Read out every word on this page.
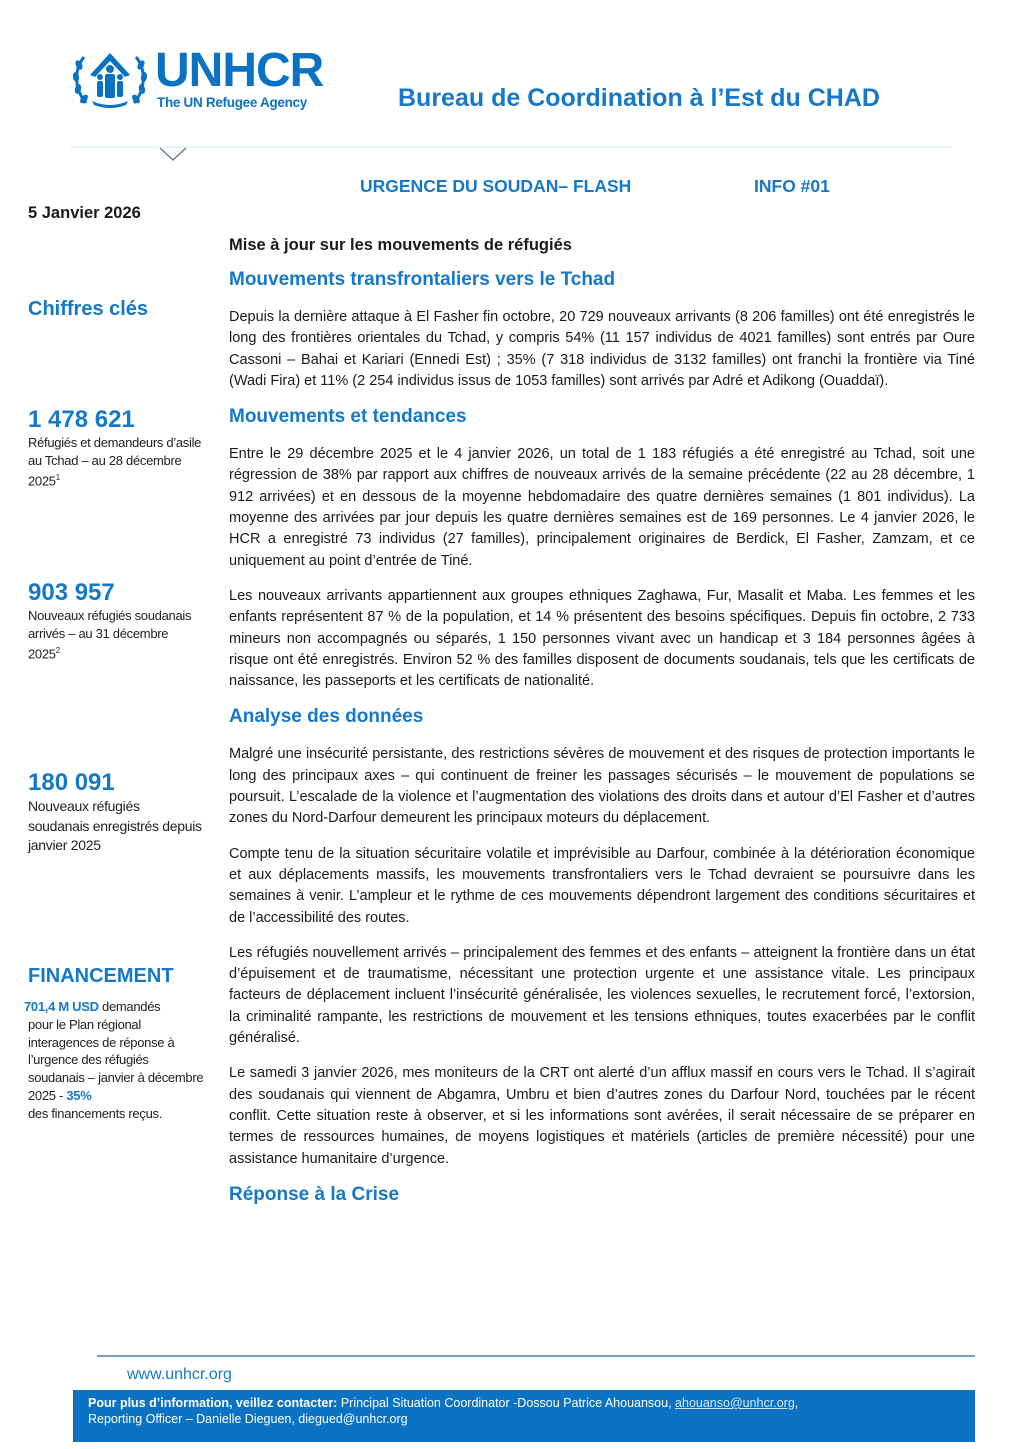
UNHCR
The UN Refugee Agency	Bureau de Coordination à l’Est du CHAD
URGENCE DU SOUDAN– FLASH	INFO #01
5 Janvier 2026
Chiffres clés
1 478 621
Réfugiés et demandeurs d’asile au Tchad – au 28 décembre 2025$^1$
903 957
Nouveaux réfugiés soudanais arrivés – au 31 décembre 2025$^2$
180 091
Nouveaux réfugiés soudanais enregistrés depuis janvier 2025
FINANCEMENT
701,4 M USD demandés
pour le Plan régional interagences de réponse à l’urgence des réfugiés soudanais – janvier à décembre 2025 - 35%
des financements reçus.
Mise à jour sur les mouvements de réfugiés
Mouvements transfrontaliers vers le Tchad

Depuis la dernière attaque à El Fasher fin octobre, 20 729 nouveaux arrivants (8 206 familles) ont été enregistrés le long des frontières orientales du Tchad, y compris 54% (11 157 individus de 4021 familles) sont entrés par Oure Cassoni – Bahai et Kariari (Ennedi Est) ; 35% (7 318 individus de 3132 familles) ont franchi la frontière via Tiné (Wadi Fira) et 11% (2 254 individus issus de 1053 familles) sont arrivés par Adré et Adikong (Ouaddaï).

Mouvements et tendances

Entre le 29 décembre 2025 et le 4 janvier 2026, un total de 1 183 réfugiés a été enregistré au Tchad, soit une régression de 38% par rapport aux chiffres de nouveaux arrivés de la semaine précédente (22 au 28 décembre, 1 912 arrivées) et en dessous de la moyenne hebdomadaire des quatre dernières semaines (1 801 individus). La moyenne des arrivées par jour depuis les quatre dernières semaines est de 169 personnes. Le 4 janvier 2026, le HCR a enregistré 73 individus (27 familles), principalement originaires de Berdick, El Fasher, Zamzam, et ce uniquement au point d’entrée de Tiné.

Les nouveaux arrivants appartiennent aux groupes ethniques Zaghawa, Fur, Masalit et Maba. Les femmes et les enfants représentent 87 % de la population, et 14 % présentent des besoins spécifiques. Depuis fin octobre, 2 733 mineurs non accompagnés ou séparés, 1 150 personnes vivant avec un handicap et 3 184 personnes âgées à risque ont été enregistrés. Environ 52 % des familles disposent de documents soudanais, tels que les certificats de naissance, les passeports et les certificats de nationalité.

Analyse des données

Malgré une insécurité persistante, des restrictions sévères de mouvement et des risques de protection importants le long des principaux axes – qui continuent de freiner les passages sécurisés – le mouvement de populations se poursuit. L’escalade de la violence et l’augmentation des violations des droits dans et autour d’El Fasher et d’autres zones du Nord-Darfour demeurent les principaux moteurs du déplacement.

Compte tenu de la situation sécuritaire volatile et imprévisible au Darfour, combinée à la détérioration économique et aux déplacements massifs, les mouvements transfrontaliers vers le Tchad devraient se poursuivre dans les semaines à venir. L’ampleur et le rythme de ces mouvements dépendront largement des conditions sécuritaires et de l’accessibilité des routes.

Les réfugiés nouvellement arrivés – principalement des femmes et des enfants – atteignent la frontière dans un état d’épuisement et de traumatisme, nécessitant une protection urgente et une assistance vitale. Les principaux facteurs de déplacement incluent l’insécurité généralisée, les violences sexuelles, le recrutement forcé, l’extorsion, la criminalité rampante, les restrictions de mouvement et les tensions ethniques, toutes exacerbées par le conflit généralisé.

Le samedi 3 janvier 2026, mes moniteurs de la CRT ont alerté d’un afflux massif en cours vers le Tchad. Il s’agirait des soudanais qui viennent de Abgamra, Umbru et bien d’autres zones du Darfour Nord, touchées par le récent conflit. Cette situation reste à observer, et si les informations sont avérées, il serait nécessaire de se préparer en termes de ressources humaines, de moyens logistiques et matériels (articles de première nécessité) pour une assistance humanitaire d’urgence.

Réponse à la Crise
www.unhcr.org
Pour plus d’information, veillez contacter: Principal Situation Coordinator -Dossou Patrice Ahouansou, ahouanso@unhcr.org,
Reporting Officer – Danielle Dieguen, diegued@unhcr.org
